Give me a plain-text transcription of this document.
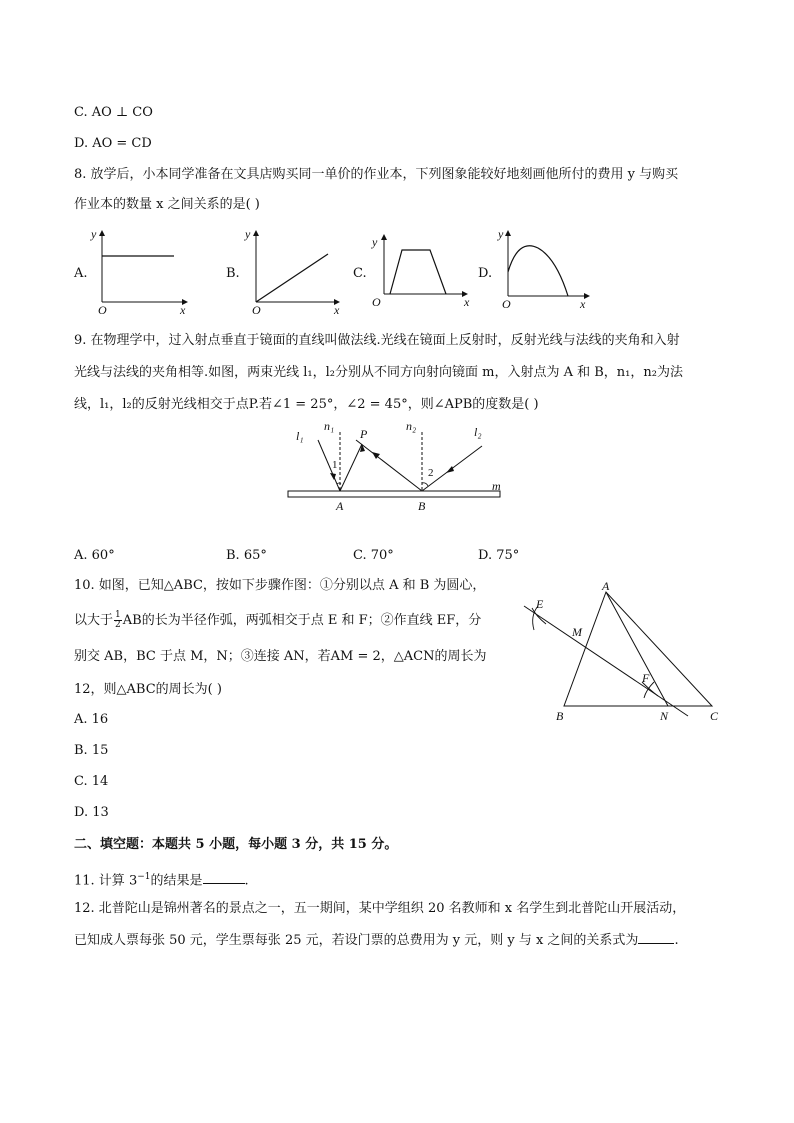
C. AO ⊥ CO
D. AO = CD
8. 放学后，小本同学准备在文具店购买同一单价的作业本，下列图象能较好地刻画他所付的费用 y 与购买
作业本的数量 x 之间关系的是( )
A.
y
x
O
B.
y
x
O
C.
y
x
O
D.
y
x
O
9. 在物理学中，过入射点垂直于镜面的直线叫做法线.光线在镜面上反射时，反射光线与法线的夹角和入射
光线与法线的夹角相等.如图，两束光线 l₁，l₂分别从不同方向射向镜面 m，入射点为 A 和 B，n₁，n₂为法
线，l₁，l₂的反射光线相交于点P.若∠1 = 25°，∠2 = 45°，则∠APB的度数是( )
l₁
n₁
P
n₂	l₂
1
2
m
A	B
A. 60°	B. 65°	C. 70°	D. 75°
10. 如图，已知△ABC，按如下步骤作图：①分别以点 A 和 B 为圆心，
以大于 $\frac{1}{2}$ AB的长为半径作弧，两弧相交于点 E 和 F；②作直线 EF，分
别交 AB，BC 于点 M，N；③连接 AN，若AM = 2，△ACN的周长为
12，则△ABC的周长为( )
A. 16
B. 15
C. 14
D. 13
A
B	C
E
F
M
N
二、填空题：本题共 5 小题，每小题 3 分，共 15 分。
11. 计算 $3^{-1}$的结果是	.
12. 北普陀山是锦州著名的景点之一，五一期间，某中学组织 20 名教师和 x 名学生到北普陀山开展活动，
已知成人票每张 50 元，学生票每张 25 元，若设门票的总费用为 y 元，则 y 与 x 之间的关系式为	.
